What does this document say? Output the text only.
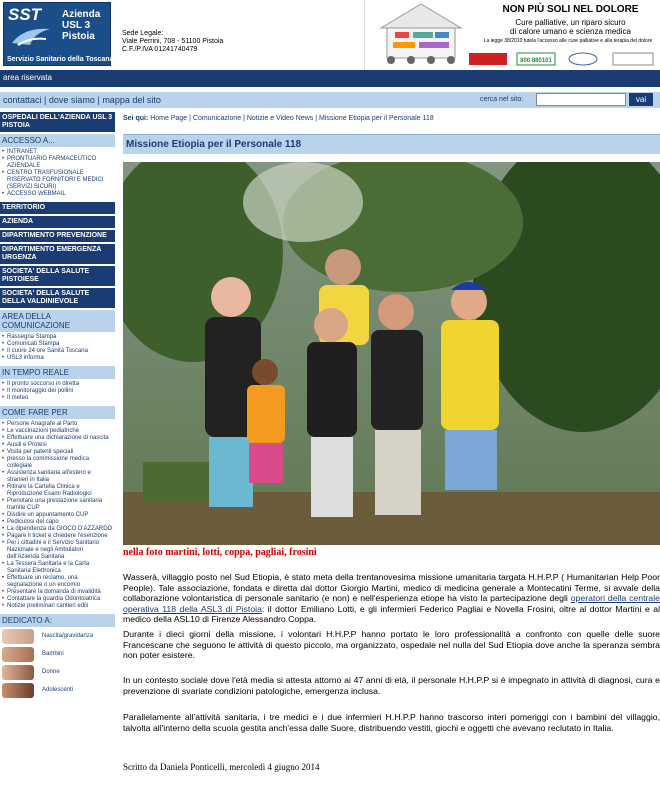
SST Azienda
USL 3
Pistoia
Servizio Sanitario della Toscana
Sede Legale:
Viale Perrini, 708 - 51100 Pistoia
C.F./P.IVA 01241740479
NON PIÙ SOLI NEL DOLORE
Cure palliative, un riparo sicuro
di calore umano e scienza medica
La legge 38/2010 tutela l'accesso alle cure palliative e alla terapia del dolore
800 880101
area riservata
contattaci | dove siamo | mappa del sito	cerca nel sito:	vai
OSPEDALI DELL'AZIENDA USL 3 PISTOIA
ACCESSO A...
• INTRANET
• PRONTUARIO FARMACEUTICO AZIENDALE
• CENTRO TRASFUSIONALE RISERVATO FORNITORI E MEDICI (SERVIZI SICURI)
• ACCESSO WEBMAIL
TERRITORIO
AZIENDA
DIPARTIMENTO PREVENZIONE
DIPARTIMENTO EMERGENZA URGENZA
SOCIETA' DELLA SALUTE PISTOIESE
SOCIETA' DELLA SALUTE DELLA VALDINIEVOLE
AREA DELLA COMUNICAZIONE
• Rassegna Stampa
• Comunicati Stampa
• Il cuore 24 ore Sanità Toscana
• USL3 informa
IN TEMPO REALE
• Il pronto soccorso in diretta
• Il monitoraggio dei pollini
• Il meteo
COME FARE PER
• Persone Anagrafe al Parto
• Le vaccinazioni pediatriche
• Effettuare una dichiarazione di nascita
• Ausili e Protesi
• Visita per patenti speciali
• presso la commissione medica collegiale
• Assistenza sanitaria all'estero e stranieri in Italia
• Ritirare la Cartella Clinica e Riproduzione Esami Radiologici
• Prenotare una prestazione sanitaria tramite CUP
• Disdire un appuntamento CUP
• Pediculosi del capo
• La dipendenza da GIOCO D'AZZARDO
• Pagare il ticket e chiedere l'esenzione
• Per i cittadini e il Servizio Sanitario Nazionale e negli Ambulatori dell'Azienda Sanitaria
• La Tessera Sanitaria e la Carta Sanitaria Elettronica
• Effettuare un reclamo, una segnalazione o un encomio
• Presentare la domanda di invalidità
• Contattare la guardia Odontoiatrica
• Notizie preliminari cantieri edili
DEDICATO A:
Nascita/gravidanza
Bambini
Donne
Adolescenti
Sei qui: Home Page | Comunicazione | Notizie e Video News | Missione Etiopia per il Personale 118
Missione Etiopia per il Personale 118
nella foto martini, lotti, coppa, pagliai, frosini

Wasserà, villaggio posto nel Sud Etiopia, è stato meta della trentanovesima missione umanitaria targata H.H.P.P ( Humanitarian Help Poor People). Tale associazione, fondata e diretta dal dottor Giorgio Martini, medico di medicina generale a Montecatini Terme, si avvale della collaborazione volontaristica di personale sanitario (e non) e nell'esperienza etiope ha visto la partecipazione degli operatori della centrale operativa 118 della ASL3 di Pistoia: il dottor Emiliano Lotti, e gli infermieri Federico Pagliai e Novella Frosini, oltre al dottor Martini e al medico della ASL10 di Firenze Alessandro Coppa.

Durante i dieci giorni della missione, i volontari H.H.P.P hanno portato le loro professionalità a confronto con quelle delle suore Francescane che seguono le attività di questo piccolo, ma organizzato, ospedale nel nulla del Sud Etiopia dove anche la speranza sembra non poter esistere.

In un contesto sociale dove l'età media si attesta attorno ai 47 anni di età, il personale H.H.P.P si è impegnato in attività di diagnosi, cura e prevenzione di svariate condizioni patologiche, emergenza inclusa.

Parallelamente all'attività sanitaria, i tre medici e i due infermieri H.H.P.P hanno trascorso interi pomeriggi con i bambini del villaggio, talvolta all'interno della scuola gestita anch'essa dalle Suore, distribuendo vestiti, giochi e oggetti che avevano reclutato in Italia.

Scritto da Daniela Ponticelli, mercoledì 4 giugno 2014
